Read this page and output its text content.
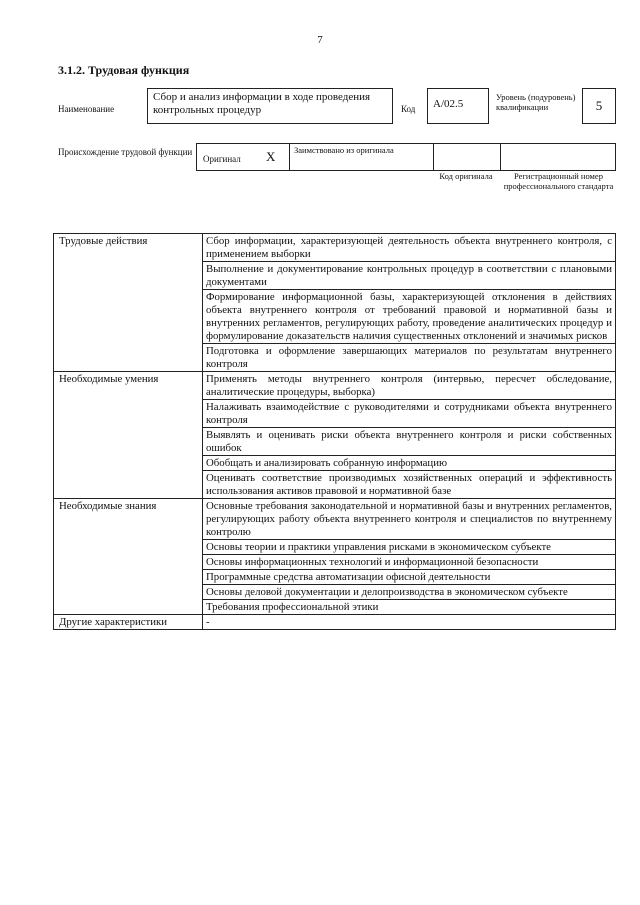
7
3.1.2. Трудовая функция
Наименование
Сбор и анализ информации в ходе проведения контрольных процедур	Код	А/02.5
Уровень (подуровень) квалификации	5
Происхождение трудовой функции
Оригинал X Заимствовано из оригинала
Код оригинала	Регистрационный номер профессионального стандарта
Трудовые действия	Сбор информации, характеризующей деятельность объекта внутреннего контроля, с применением выборки
	Выполнение и документирование контрольных процедур в соответствии с плановыми документами
	Формирование информационной базы, характеризующей отклонения в действиях объекта внутреннего контроля от требований правовой и нормативной базы и внутренних регламентов, регулирующих работу, проведение аналитических процедур и формулирование доказательств наличия существенных отклонений и значимых рисков
	Подготовка и оформление завершающих материалов по результатам внутреннего контроля
Необходимые умения	Применять методы внутреннего контроля (интервью, пересчет обследование, аналитические процедуры, выборка)
	Налаживать взаимодействие с руководителями и сотрудниками объекта внутреннего контроля
	Выявлять и оценивать риски объекта внутреннего контроля и риски собственных ошибок
	Обобщать и анализировать собранную информацию
	Оценивать соответствие производимых хозяйственных операций и эффективность использования активов правовой и нормативной базе
Необходимые знания	Основные требования законодательной и нормативной базы и внутренних регламентов, регулирующих работу объекта внутреннего контроля и специалистов по внутреннему контролю
	Основы теории и практики управления рисками в экономическом субъекте
	Основы информационных технологий и информационной безопасности
	Программные средства автоматизации офисной деятельности
	Основы деловой документации и делопроизводства в экономическом субъекте
	Требования профессиональной этики
Другие характеристики	-
